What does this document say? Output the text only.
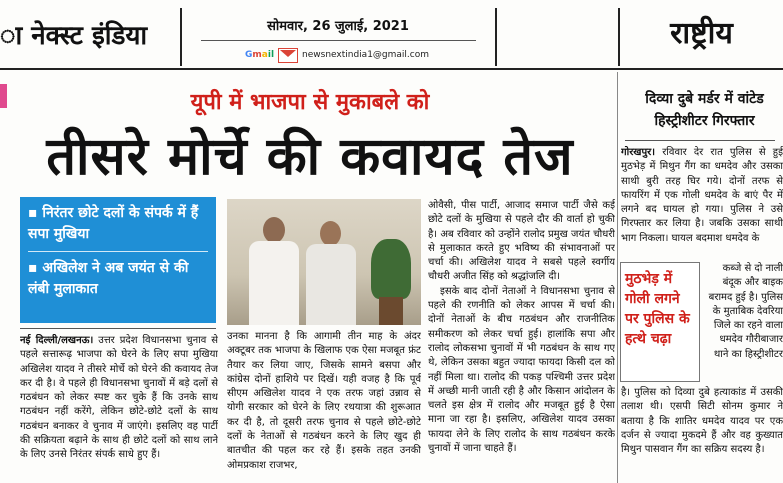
ा नेक्स्ट इंडिया	सोमवार, 26 जुलाई, 2021
G m a il	newsnextindia1@gmail.com
राष्ट्रीय
यूपी में भाजपा से मुकाबले को
तीसरे मोर्चे की कवायद तेज
▪ निरंतर छोटे दलों के संपर्क में हैं सपा मुखिया
▪ अखिलेश ने अब जयंत से की लंबी मुलाकात
नई दिल्ली/लखनऊ। उत्तर प्रदेश विधानसभा चुनाव से पहले सत्तारूढ़ भाजपा को घेरने के लिए सपा मुखिया अखिलेश यादव ने तीसरे मोर्चे को घेरने की कवायद तेज कर दी है। वे पहले ही विधानसभा चुनावों में बड़े दलों से गठबंधन को लेकर स्पष्ट कर चुके हैं कि उनके साथ गठबंधन नहीं करेंगे, लेकिन छोटे-छोटे दलों के साथ गठबंधन बनाकर वे चुनाव में जाएंगे। इसलिए वह पार्टी की सक्रियता बढ़ाने के साथ ही छोटे दलों को साथ लाने के लिए उनसे निरंतर संपर्क साधे हुए हैं।
उनका मानना है कि आगामी तीन माह के अंदर अक्टूबर तक भाजपा के खिलाफ एक ऐसा मजबूत फ्रंट तैयार कर लिया जाए, जिसके सामने बसपा और कांग्रेस दोनों हाशिये पर दिखें। यही वजह है कि पूर्व सीएम अखिलेश यादव ने एक तरफ जहां उन्नाव से योगी सरकार को घेरने के लिए रथयात्रा की शुरूआत कर दी है, तो दूसरी तरफ चुनाव से पहले छोटे-छोटे दलों के नेताओं से गठबंधन करने के लिए खुद ही बातचीत की पहल कर रहे हैं। इसके तहत उनकी ओमप्रकाश राजभर,

ओवैसी, पीस पार्टी, आजाद समाज पार्टी जैसे कई छोटे दलों के मुखिया से पहले दौर की वार्ता हो चुकी है। अब रविवार को उन्होंने रालोद प्रमुख जयंत चौधरी से मुलाकात करते हुए भविष्य की संभावनाओं पर चर्चा की। अखिलेश यादव ने सबसे पहले स्वर्गीय चौधरी अजीत सिंह को श्रद्धांजलि दी।

इसके बाद दोनों नेताओं ने विधानसभा चुनाव से पहले की रणनीति को लेकर आपस में चर्चा की। दोनों नेताओं के बीच गठबंधन और राजनीतिक समीकरण को लेकर चर्चा हुई। हालांकि सपा और रालोद लोकसभा चुनावों में भी गठबंधन के साथ गए थे, लेकिन उसका बहुत ज्यादा फायदा किसी दल को नहीं मिला था। रालोद की पकड़ पश्चिमी उत्तर प्रदेश में अच्छी मानी जाती रही है और किसान आंदोलन के चलते इस क्षेत्र में रालोद और मजबूत हुई है ऐसा माना जा रहा है। इसलिए, अखिलेश यादव उसका फायदा लेने के लिए रालोद के साथ गठबंधन करके चुनावों में जाना चाहते हैं।

दिव्या दुबे मर्डर में वांटेड हिस्ट्रीशीटर गिरफ्तार
गोरखपुर। रविवार देर रात पुलिस से हुई मुठभेड़ में मिथुन गैंग का धमदेव और उसका साथी बुरी तरह घिर गये। दोनों तरफ से फायरिंग में एक गोली धमदेव के बाएं पैर में लगने बद घायल हो गया। पुलिस ने उसे गिरफ्तार कर लिया है। जबकि उसका साथी भाग निकला। घायल बदमाश धमदेव के
मुठभेड़ में गोली लगने पर पुलिस के हत्थे चढ़ा
कब्जे से दो नाली बंदूक और बाइक बरामद हुई है। पुलिस के मुताबिक देवरिया जिले का रहने वाला धमदेव गौरीबाजार थाने का हिस्ट्रीशीटर
है। पुलिस को दिव्या दुबे हत्याकांड में उसकी तलाश थी। एसपी सिटी सोनम कुमार ने बताया है कि शातिर धमदेव यादव पर एक दर्जन से ज्यादा मुकदमे हैं और वह कुख्यात मिथुन पासवान गैंग का सक्रिय सदस्य है।
